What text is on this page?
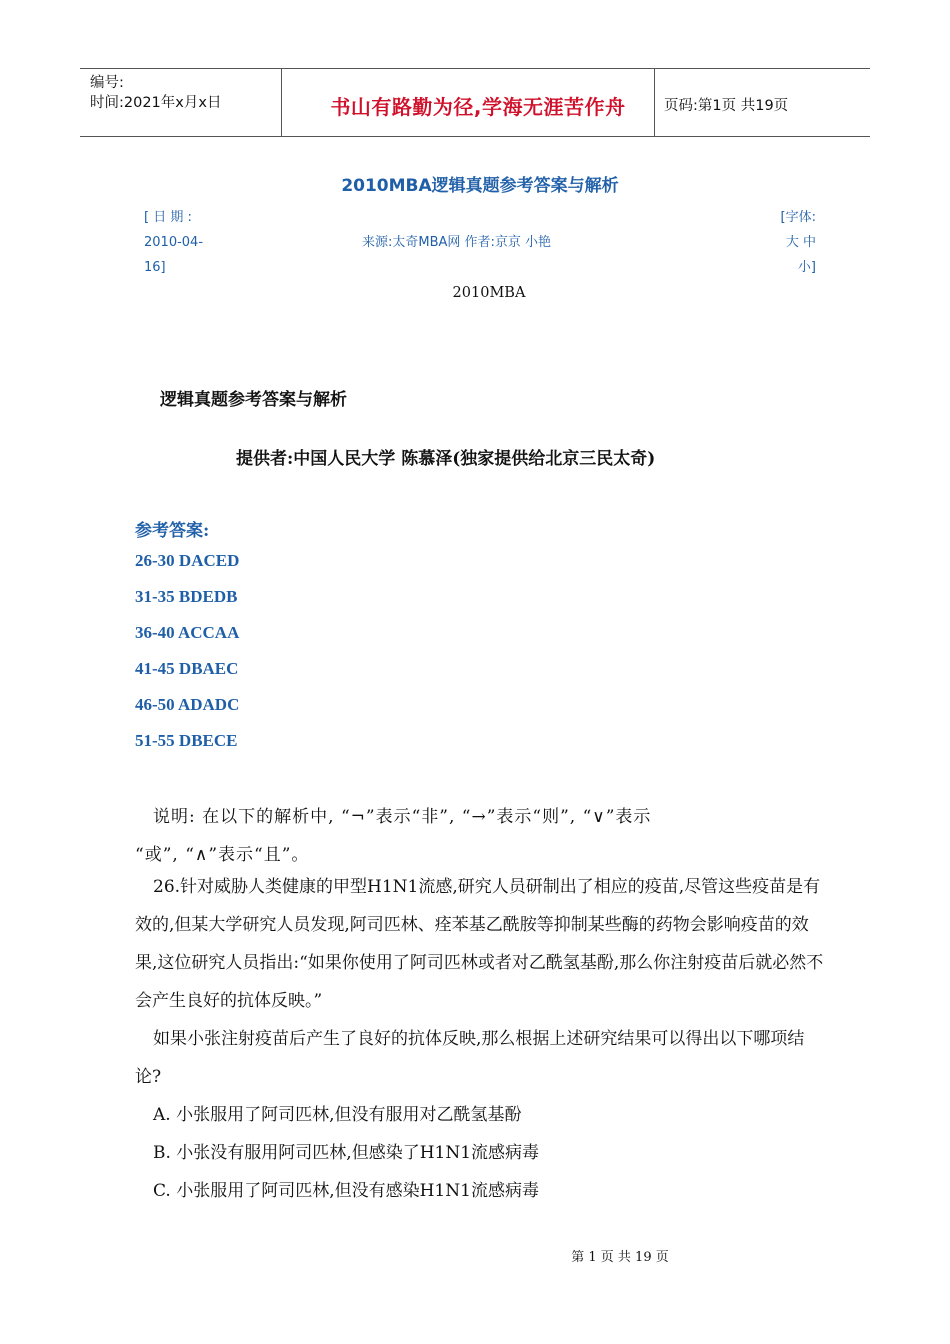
编号:
时间:2021年x月x日	书山有路勤为径,学海无涯苦作舟	页码:第1页 共19页
2010MBA逻辑真题参考答案与解析
[ 日 期 :
2010-04-
16]
来源:太奇MBA网 作者:京京 小艳
[字体:
大 中
小]
2010MBA
逻辑真题参考答案与解析
提供者:中国人民大学 陈慕泽(独家提供给北京三民太奇)
参考答案:
26-30 DACED
31-35 BDEDB
36-40 ACCAA
41-45 DBAEC
46-50 ADADC
51-55 DBECE
说明: 在以下的解析中, “¬”表示“非”, “→”表示“则”, “∨”表示
“或”, “∧”表示“且”。

26.针对威胁人类健康的甲型H1N1流感,研究人员研制出了相应的疫苗,尽管这些疫苗是有效的,但某大学研究人员发现,阿司匹林、痊苯基乙酰胺等抑制某些酶的药物会影响疫苗的效果,这位研究人员指出:“如果你使用了阿司匹林或者对乙酰氢基酚,那么你注射疫苗后就必然不会产生良好的抗体反映。”

如果小张注射疫苗后产生了良好的抗体反映,那么根据上述研究结果可以得出以下哪项结论?

A. 小张服用了阿司匹林,但没有服用对乙酰氢基酚

B. 小张没有服用阿司匹林,但感染了H1N1流感病毒

C. 小张服用了阿司匹林,但没有感染H1N1流感病毒

第 1 页 共 19 页
